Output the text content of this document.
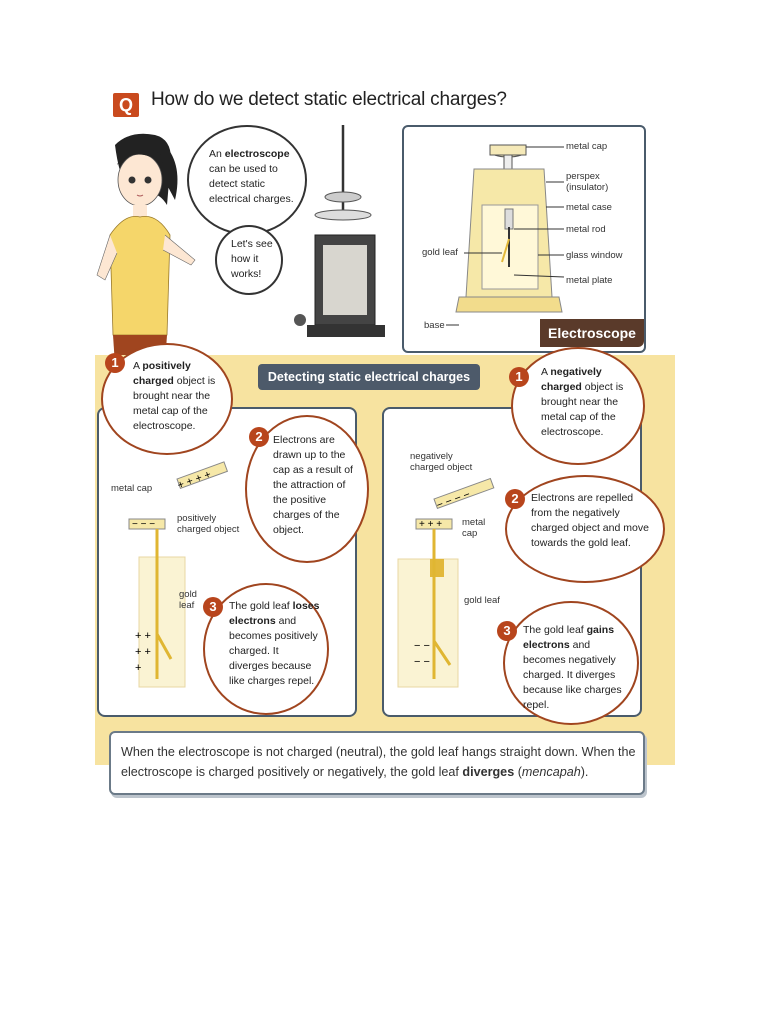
Q How do we detect static electrical charges?
An electroscope can be used to detect static electrical charges.
Let's see how it works!
metal cap
perspex (insulator)
metal case
metal rod
glass window
metal plate
gold leaf
base	Electroscope
Detecting static electrical charges
− − −
+ + + +
+ +
+ +
+
metal cap
positively charged object
gold leaf
A positively charged object is brought near the metal cap of the electroscope.
1
Electrons are drawn up to the cap as a result of the attraction of the positive charges of the object.
2
The gold leaf loses electrons and becomes positively charged. It diverges because like charges repel.
3
+ + +
− − − −
− −
− −
negatively charged object
metal cap
gold leaf
A negatively charged object is brought near the metal cap of the electroscope.
1
Electrons are repelled from the negatively charged object and move towards the gold leaf.
2
The gold leaf gains electrons and becomes negatively charged. It diverges because like charges repel.
3
When the electroscope is not charged (neutral), the gold leaf hangs straight down. When the electroscope is charged positively or negatively, the gold leaf diverges (mencapah).
